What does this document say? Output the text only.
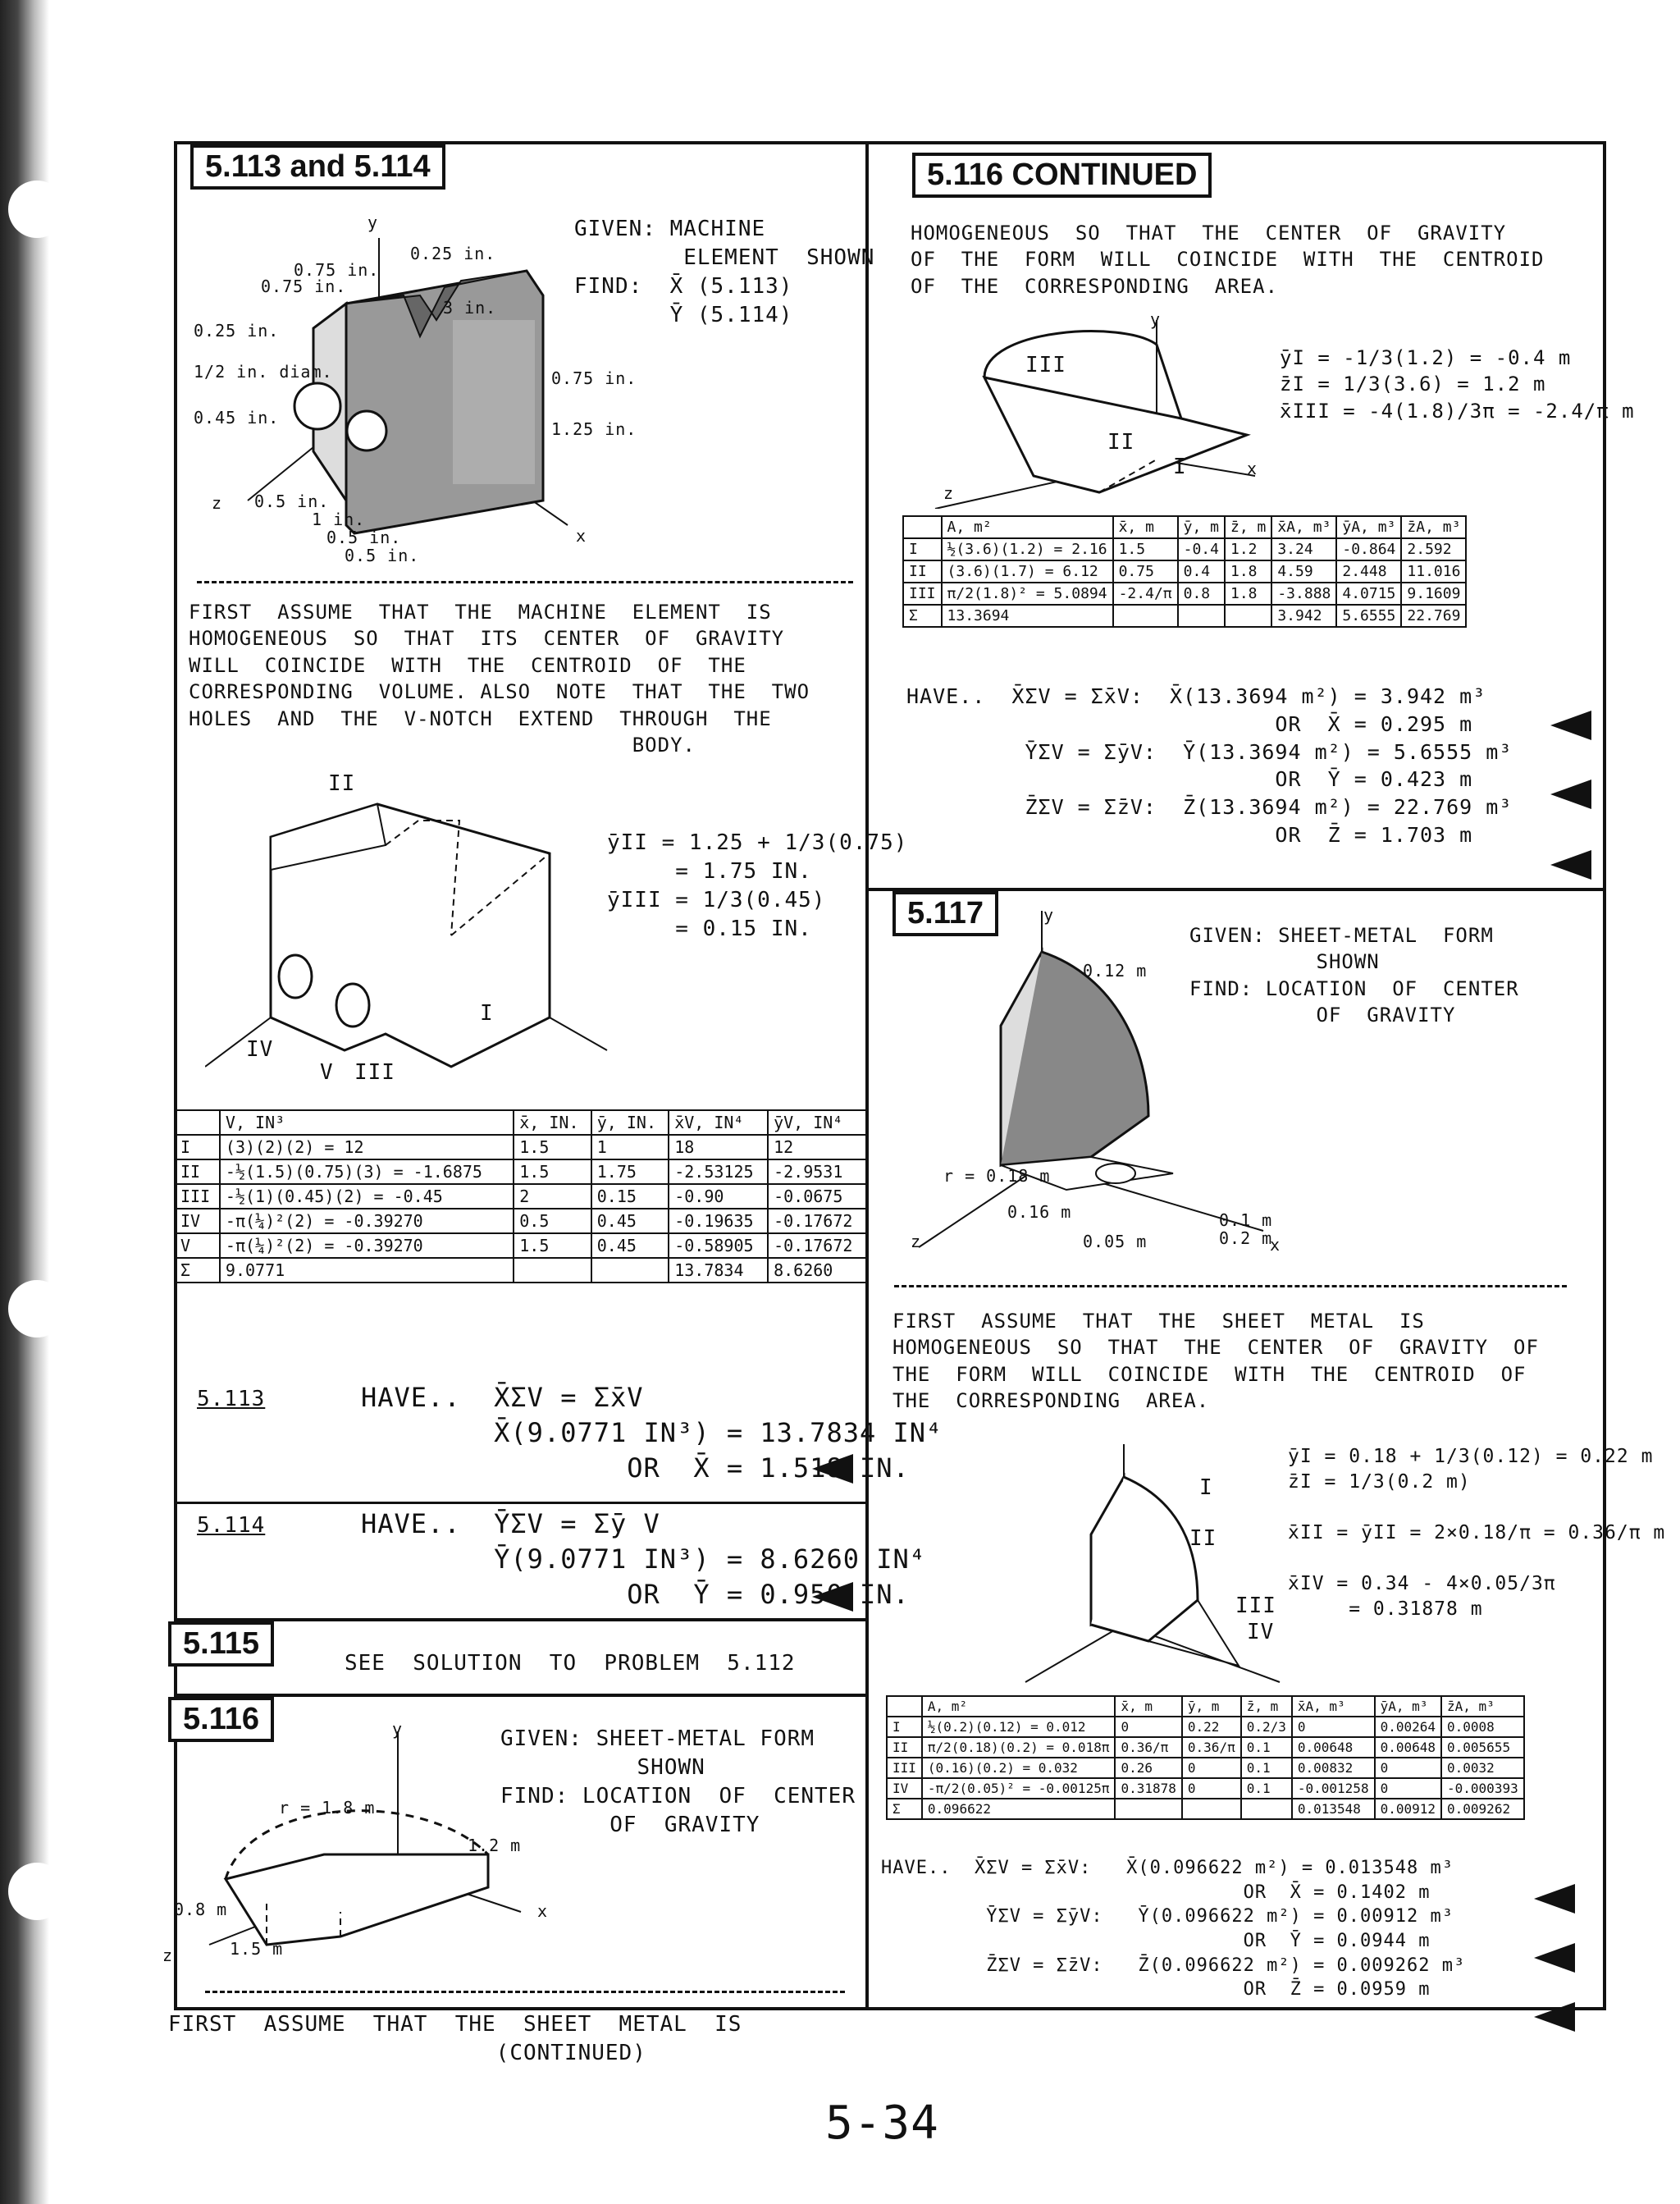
5.113 and 5.114
y
z
x
0.25 in.
0.75 in.
0.75 in.
0.25 in.
3 in.
1/2 in. diam.
0.45 in.
0.75 in.
1.25 in.
0.5 in.
1 in.
0.5 in.
0.5 in.
GIVEN: MACHINE
ELEMENT  SHOWN
FIND:  X̄ (5.113)
Ȳ (5.114)
FIRST  ASSUME  THAT  THE  MACHINE  ELEMENT  IS
HOMOGENEOUS  SO  THAT  ITS  CENTER  OF  GRAVITY
WILL  COINCIDE  WITH  THE  CENTROID  OF  THE
CORRESPONDING  VOLUME. ALSO  NOTE  THAT  THE  TWO
HOLES  AND  THE  V-NOTCH  EXTEND  THROUGH  THE
BODY.
II
I
IV
V III
ȳII = 1.25 + 1/3(0.75)
= 1.75 IN.
ȳIII = 1/3(0.45)
= 0.15 IN.
	V, IN³	x̄, IN.	ȳ, IN.	x̄V, IN⁴	ȳV, IN⁴
I	(3)(2)(2) = 12	1.5	1	18	12
II	-½(1.5)(0.75)(3) = -1.6875	1.5	1.75	-2.53125	-2.9531
III	-½(1)(0.45)(2) = -0.45	2	0.15	-0.90	-0.0675
IV	-π(¼)²(2) = -0.39270	0.5	0.45	-0.19635	-0.17672
V	-π(¼)²(2) = -0.39270	1.5	0.45	-0.58905	-0.17672
Σ	9.0771			13.7834	8.6260
5.113	HAVE..  X̄ΣV = Σx̄V
X̄(9.0771 IN³) = 13.7834 IN⁴
OR  X̄ = 1.518 IN.
5.114	HAVE..  ȲΣV = Σȳ V
Ȳ(9.0771 IN³) = 8.6260 IN⁴
OR  Ȳ = 0.950 IN.
5.115
SEE  SOLUTION  TO  PROBLEM  5.112
5.116	y
z
x
r = 1.8 m
1.2 m
0.8 m
1.5 m
GIVEN: SHEET-METAL FORM
SHOWN
FIND: LOCATION  OF  CENTER
OF  GRAVITY
FIRST  ASSUME  THAT  THE  SHEET  METAL  IS
(CONTINUED)
5.116 CONTINUED
HOMOGENEOUS  SO  THAT  THE  CENTER  OF  GRAVITY
OF  THE  FORM  WILL  COINCIDE  WITH  THE  CENTROID
OF  THE  CORRESPONDING  AREA.
y
z
x
III
II
I
ȳI = -1/3(1.2) = -0.4 m
z̄I = 1/3(3.6) = 1.2 m
x̄III = -4(1.8)/3π = -2.4/π m
	A, m²	x̄, m	ȳ, m	z̄, m	x̄A, m³	ȳA, m³	z̄A, m³
I	½(3.6)(1.2) = 2.16	1.5	-0.4	1.2	3.24	-0.864	2.592
II	(3.6)(1.7) = 6.12	0.75	0.4	1.8	4.59	2.448	11.016
III	π/2(1.8)² = 5.0894	-2.4/π	0.8	1.8	-3.888	4.0715	9.1609
Σ	13.3694				3.942	5.6555	22.769
HAVE..  X̄ΣV = Σx̄V:  X̄(13.3694 m²) = 3.942 m³
OR  X̄ = 0.295 m
ȲΣV = ΣȳV:  Ȳ(13.3694 m²) = 5.6555 m³
OR  Ȳ = 0.423 m
Z̄ΣV = Σz̄V:  Z̄(13.3694 m²) = 22.769 m³
OR  Z̄ = 1.703 m
5.117	y
z	x
0.12 m
r = 0.18 m
0.16 m
0.05 m
0.1 m
0.2 m
GIVEN: SHEET-METAL  FORM
SHOWN
FIND: LOCATION  OF  CENTER
OF  GRAVITY
FIRST  ASSUME  THAT  THE  SHEET  METAL  IS
HOMOGENEOUS  SO  THAT  THE  CENTER  OF  GRAVITY  OF
THE  FORM  WILL  COINCIDE  WITH  THE  CENTROID  OF
THE  CORRESPONDING  AREA.
I
II
III
IV
ȳI = 0.18 + 1/3(0.12) = 0.22 m
z̄I = 1/3(0.2 m)

x̄II = ȳII = 2×0.18/π = 0.36/π m

x̄IV = 0.34 - 4×0.05/3π
= 0.31878 m
	A, m²	x̄, m	ȳ, m	z̄, m	x̄A, m³	ȳA, m³	z̄A, m³
I	½(0.2)(0.12) = 0.012	0	0.22	0.2/3	0	0.00264	0.0008
II	π/2(0.18)(0.2) = 0.018π	0.36/π	0.36/π	0.1	0.00648	0.00648	0.005655
III	(0.16)(0.2) = 0.032	0.26	0	0.1	0.00832	0	0.0032
IV	-π/2(0.05)² = -0.00125π	0.31878	0	0.1	-0.001258	0	-0.000393
Σ	0.096622				0.013548	0.00912	0.009262
HAVE..  X̄ΣV = Σx̄V:   X̄(0.096622 m²) = 0.013548 m³
OR  X̄ = 0.1402 m
ȲΣV = ΣȳV:   Ȳ(0.096622 m²) = 0.00912 m³
OR  Ȳ = 0.0944 m
Z̄ΣV = Σz̄V:   Z̄(0.096622 m²) = 0.009262 m³
OR  Z̄ = 0.0959 m
5-34
